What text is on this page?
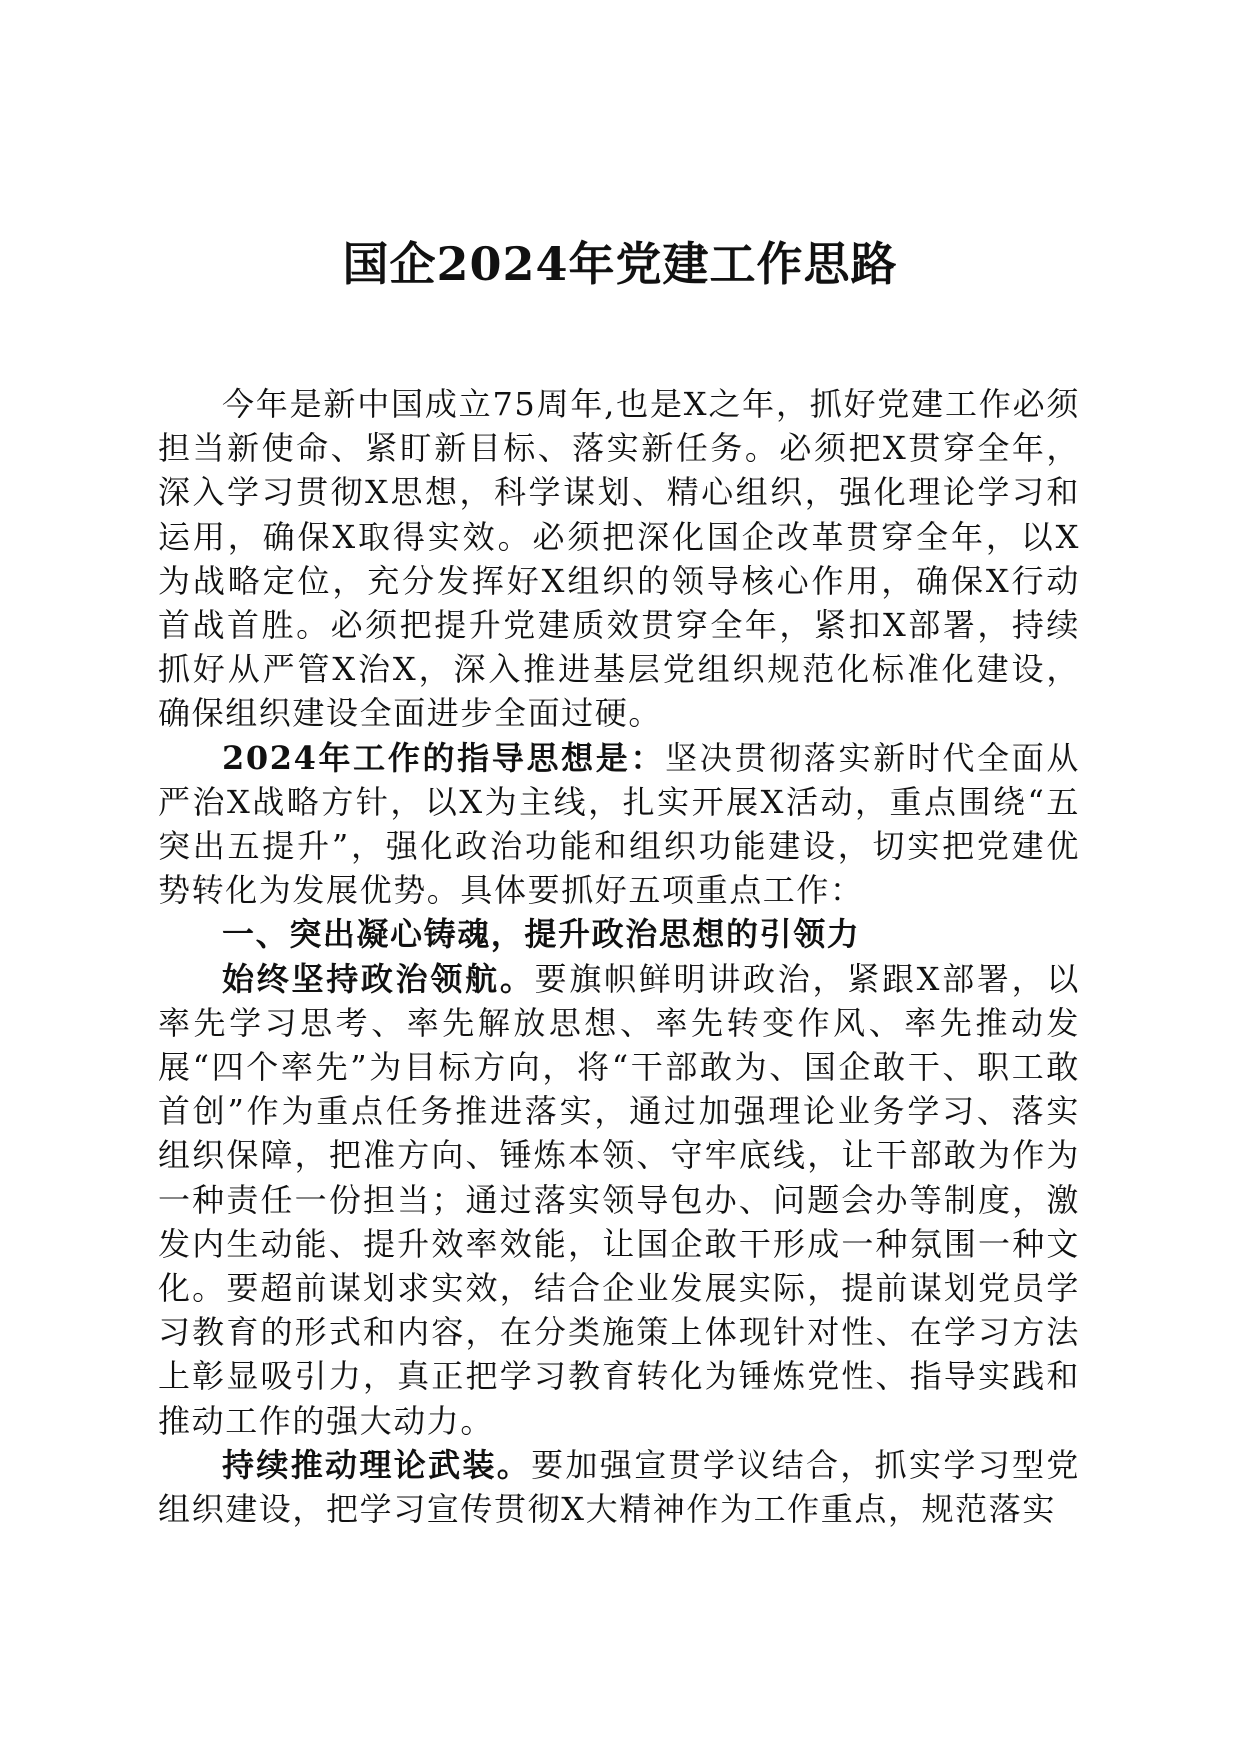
国企2024年党建工作思路

今年是新中国成立75周年,也是X之年，抓好党建工作必须担当新使命、紧盯新目标、落实新任务。必须把X贯穿全年，深入学习贯彻X思想，科学谋划、精心组织，强化理论学习和运用，确保X取得实效。必须把深化国企改革贯穿全年，以X为战略定位，充分发挥好X组织的领导核心作用，确保X行动首战首胜。必须把提升党建质效贯穿全年，紧扣X部署，持续抓好从严管X治X，深入推进基层党组织规范化标准化建设，确保组织建设全面进步全面过硬。

2024年工作的指导思想是：坚决贯彻落实新时代全面从严治X战略方针，以X为主线，扎实开展X活动，重点围绕“五突出五提升”，强化政治功能和组织功能建设，切实把党建优势转化为发展优势。具体要抓好五项重点工作：

一、突出凝心铸魂，提升政治思想的引领力

始终坚持政治领航。要旗帜鲜明讲政治，紧跟X部署，以率先学习思考、率先解放思想、率先转变作风、率先推动发展“四个率先”为目标方向，将“干部敢为、国企敢干、职工敢首创”作为重点任务推进落实，通过加强理论业务学习、落实组织保障，把准方向、锤炼本领、守牢底线，让干部敢为作为一种责任一份担当；通过落实领导包办、问题会办等制度，激发内生动能、提升效率效能，让国企敢干形成一种氛围一种文化。要超前谋划求实效，结合企业发展实际，提前谋划党员学习教育的形式和内容，在分类施策上体现针对性、在学习方法上彰显吸引力，真正把学习教育转化为锤炼党性、指导实践和推动工作的强大动力。

持续推动理论武装。要加强宣贯学议结合，抓实学习型党组织建设，把学习宣传贯彻X大精神作为工作重点，规范落实
